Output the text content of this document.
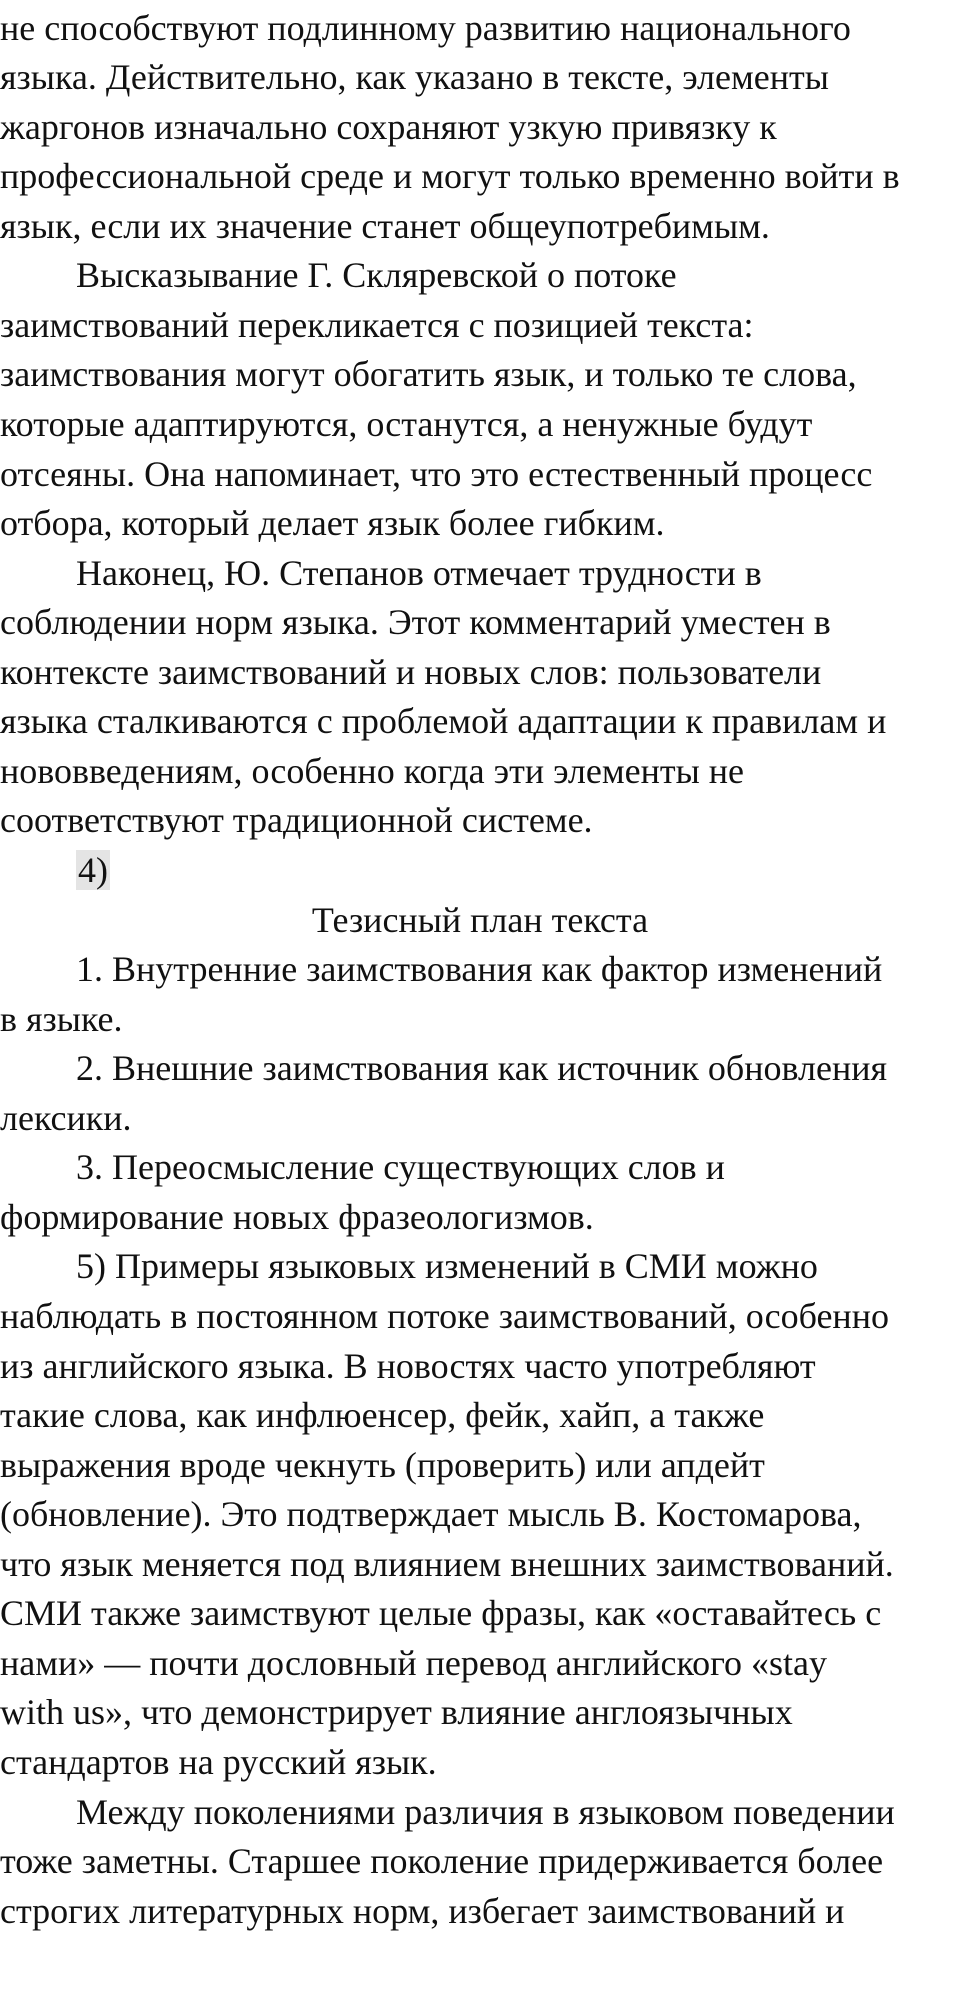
не способствуют подлинному развитию национального

языка. Действительно, как указано в тексте, элементы

жаргонов изначально сохраняют узкую привязку к

профессиональной среде и могут только временно войти в

язык, если их значение станет общеупотребимым.

Высказывание Г. Скляревской о потоке

заимствований перекликается с позицией текста:

заимствования могут обогатить язык, и только те слова,

которые адаптируются, останутся, а ненужные будут

отсеяны. Она напоминает, что это естественный процесс

отбора, который делает язык более гибким.

Наконец, Ю. Степанов отмечает трудности в

соблюдении норм языка. Этот комментарий уместен в

контексте заимствований и новых слов: пользователи

языка сталкиваются с проблемой адаптации к правилам и

нововведениям, особенно когда эти элементы не

соответствуют традиционной системе.

4)

Тезисный план текста

1. Внутренние заимствования как фактор изменений

в языке.

2. Внешние заимствования как источник обновления

лексики.

3. Переосмысление существующих слов и

формирование новых фразеологизмов.

5) Примеры языковых изменений в СМИ можно

наблюдать в постоянном потоке заимствований, особенно

из английского языка. В новостях часто употребляют

такие слова, как инфлюенсер, фейк, хайп, а также

выражения вроде чекнуть (проверить) или апдейт

(обновление). Это подтверждает мысль В. Костомарова,

что язык меняется под влиянием внешних заимствований.

СМИ также заимствуют целые фразы, как «оставайтесь с

нами» — почти дословный перевод английского «stay

with us», что демонстрирует влияние англоязычных

стандартов на русский язык.

Между поколениями различия в языковом поведении

тоже заметны. Старшее поколение придерживается более

строгих литературных норм, избегает заимствований и
